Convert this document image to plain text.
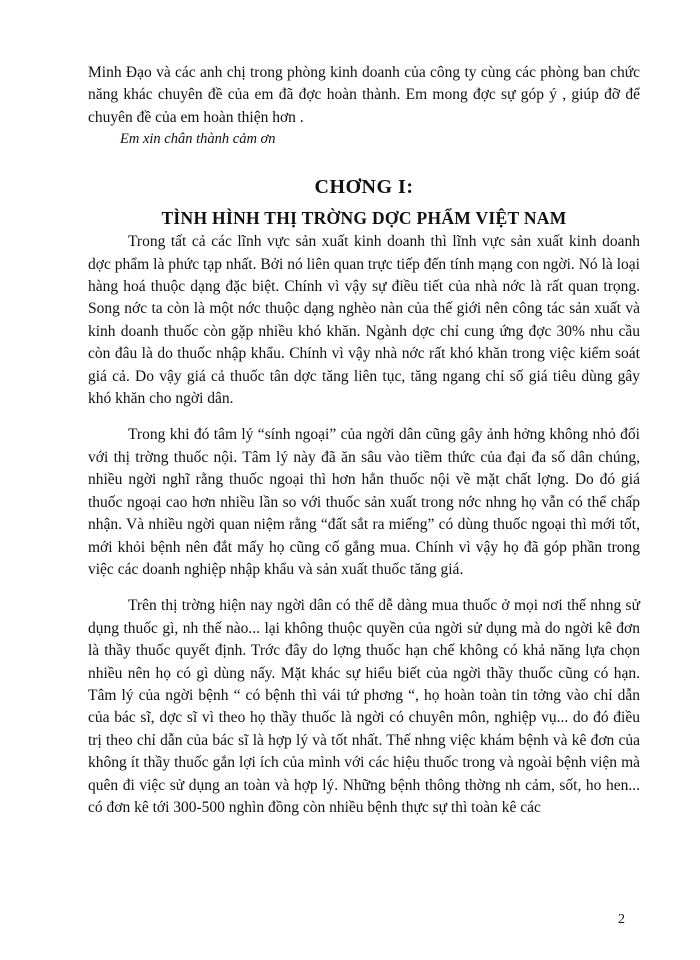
Minh Đạo và các anh chị trong phòng kinh doanh của công ty cùng các phòng ban chức năng khác chuyên đề của em đã đợc hoàn thành. Em mong đợc sự góp ý , giúp đỡ để chuyên đề của em hoàn thiện hơn .

Em xin chân thành cảm ơn

CHƠNG I:
TÌNH HÌNH THỊ TRỜNG DỢC PHẨM VIỆT NAM

Trong tất cả các lĩnh vực sản xuất kinh doanh thì lĩnh vực sản xuất kinh doanh dợc phẩm là phức tạp nhất. Bởi nó liên quan trực tiếp đến tính mạng con ngời. Nó là loại hàng hoá thuộc dạng đặc biệt. Chính vì vậy sự điều tiết của nhà nớc là rất quan trọng. Song nớc ta còn là một nớc thuộc dạng nghèo nàn của thế giới nên công tác sản xuất và kinh doanh thuốc còn gặp nhiều khó khăn. Ngành dợc chỉ cung ứng đợc 30% nhu cầu còn đâu là do thuốc nhập khẩu. Chính vì vậy nhà nớc rất khó khăn trong việc kiểm soát giá cả. Do vậy giá cả thuốc tân dợc tăng liên tục, tăng ngang chỉ số giá tiêu dùng gây khó khăn cho ngời dân.

Trong khi đó tâm lý “sính ngoại” của ngời dân cũng gây ảnh hởng không nhỏ đối với thị trờng thuốc nội. Tâm lý này đã ăn sâu vào tiềm thức của đại đa số dân chúng, nhiều ngời nghĩ rằng thuốc ngoại thì hơn hẳn thuốc nội về mặt chất lợng. Do đó giá thuốc ngoại cao hơn nhiều lần so với thuốc sản xuất trong nớc nhng họ vẫn có thể chấp nhận. Và nhiều ngời quan niệm rằng “đất sắt ra miếng” có dùng thuốc ngoại thì mới tốt, mới khỏi bệnh nên đắt mấy họ cũng cố gắng mua. Chính vì vậy họ đã góp phần trong việc các doanh nghiệp nhập khẩu và sản xuất thuốc tăng giá.

Trên thị trờng hiện nay ngời dân có thể dễ dàng mua thuốc ở mọi nơi thế nhng sử dụng thuốc gì, nh thế nào... lại không thuộc quyền của ngời sử dụng mà do ngời kê đơn là thầy thuốc quyết định. Trớc đây do lợng thuốc hạn chế không có khả năng lựa chọn nhiều nên họ có gì dùng nấy. Mặt khác sự hiểu biết của ngời thầy thuốc cũng có hạn. Tâm lý của ngời bệnh “ có bệnh thì vái tứ phơng “, họ hoàn toàn tin tởng vào chỉ dẫn của bác sĩ, dợc sĩ vì theo họ thầy thuốc là ngời có chuyên môn, nghiệp vụ... do đó điều trị theo chỉ dẫn của bác sĩ là hợp lý và tốt nhất. Thế nhng việc khám bệnh và kê đơn của không ít thầy thuốc gắn lợi ích của mình với các hiệu thuốc trong và ngoài bệnh viện mà quên đi việc sử dụng an toàn và hợp lý. Những bệnh thông thờng nh cảm, sốt, ho hen... có đơn kê tới 300-500 nghìn đồng còn nhiều bệnh thực sự thì toàn kê các

2
